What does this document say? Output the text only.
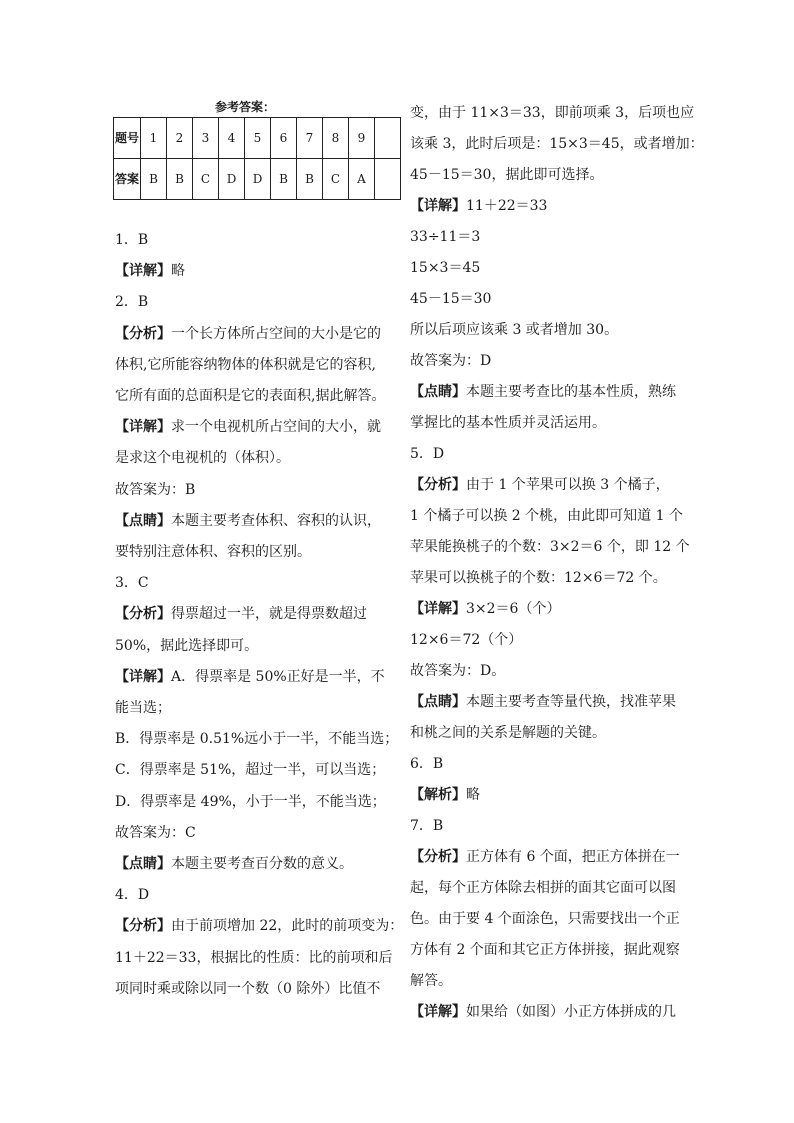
参考答案：
题号	1	2	3	4	5	6	7	8	9	
答案	B	B	C	D	D	B	B	C	A	
1．B
【详解】略
2．B
【分析】一个长方体所占空间的大小是它的
体积,它所能容纳物体的体积就是它的容积,
它所有面的总面积是它的表面积,据此解答。
【详解】求一个电视机所占空间的大小，就
是求这个电视机的（体积）。
故答案为：B
【点睛】本题主要考查体积、容积的认识，
要特别注意体积、容积的区别。
3．C
【分析】得票超过一半，就是得票数超过
50%，据此选择即可。
【详解】A．得票率是 50%正好是一半，不
能当选；
B．得票率是 0.51%远小于一半，不能当选；
C．得票率是 51%，超过一半，可以当选；
D．得票率是 49%，小于一半，不能当选；
故答案为：C
【点睛】本题主要考查百分数的意义。
4．D
【分析】由于前项增加 22，此时的前项变为：
11＋22＝33，根据比的性质：比的前项和后
项同时乘或除以同一个数（0 除外）比值不
变，由于 11×3＝33，即前项乘 3，后项也应
该乘 3，此时后项是：15×3＝45，或者增加：
45－15＝30，据此即可选择。
【详解】11＋22＝33
33÷11＝3
15×3＝45
45－15＝30
所以后项应该乘 3 或者增加 30。
故答案为：D
【点睛】本题主要考查比的基本性质，熟练
掌握比的基本性质并灵活运用。
5．D
【分析】由于 1 个苹果可以换 3 个橘子，
1 个橘子可以换 2 个桃，由此即可知道 1 个
苹果能换桃子的个数：3×2＝6 个，即 12 个
苹果可以换桃子的个数：12×6＝72 个。
【详解】3×2＝6（个）
12×6＝72（个）
故答案为：D。
【点睛】本题主要考查等量代换，找准苹果
和桃之间的关系是解题的关键。
6．B
【解析】略
7．B
【分析】正方体有 6 个面，把正方体拼在一
起，每个正方体除去相拼的面其它面可以图
色。由于要 4 个面涂色，只需要找出一个正
方体有 2 个面和其它正方体拼接，据此观察
解答。
【详解】如果给（如图）小正方体拼成的几
